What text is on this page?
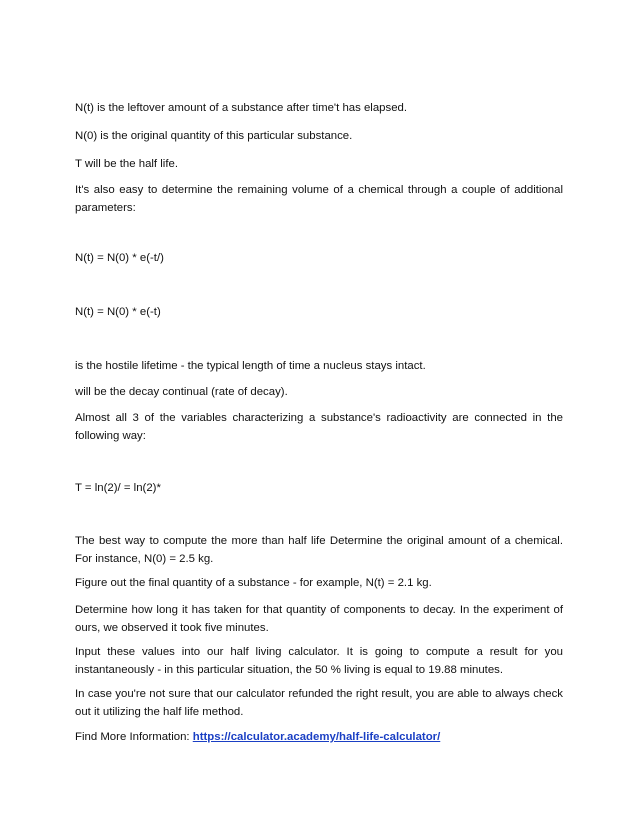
N(t) is the leftover amount of a substance after time't has elapsed.

N(0) is the original quantity of this particular substance.

T will be the half life.

It's also easy to determine the remaining volume of a chemical through a couple of additional parameters:

N(t) = N(0) * e(-t/)

N(t) = N(0) * e(-t)

is the hostile lifetime - the typical length of time a nucleus stays intact.

will be the decay continual (rate of decay).

Almost all 3 of the variables characterizing a substance's radioactivity are connected in the following way:

T = ln(2)/ = ln(2)*

The best way to compute the more than half life Determine the original amount of a chemical. For instance, N(0) = 2.5 kg.

Figure out the final quantity of a substance - for example, N(t) = 2.1 kg.

Determine how long it has taken for that quantity of components to decay. In the experiment of ours, we observed it took five minutes.

Input these values into our half living calculator. It is going to compute a result for you instantaneously - in this particular situation, the 50 % living is equal to 19.88 minutes.

In case you're not sure that our calculator refunded the right result, you are able to always check out it utilizing the half life method.

Find More Information: https://calculator.academy/half-life-calculator/
